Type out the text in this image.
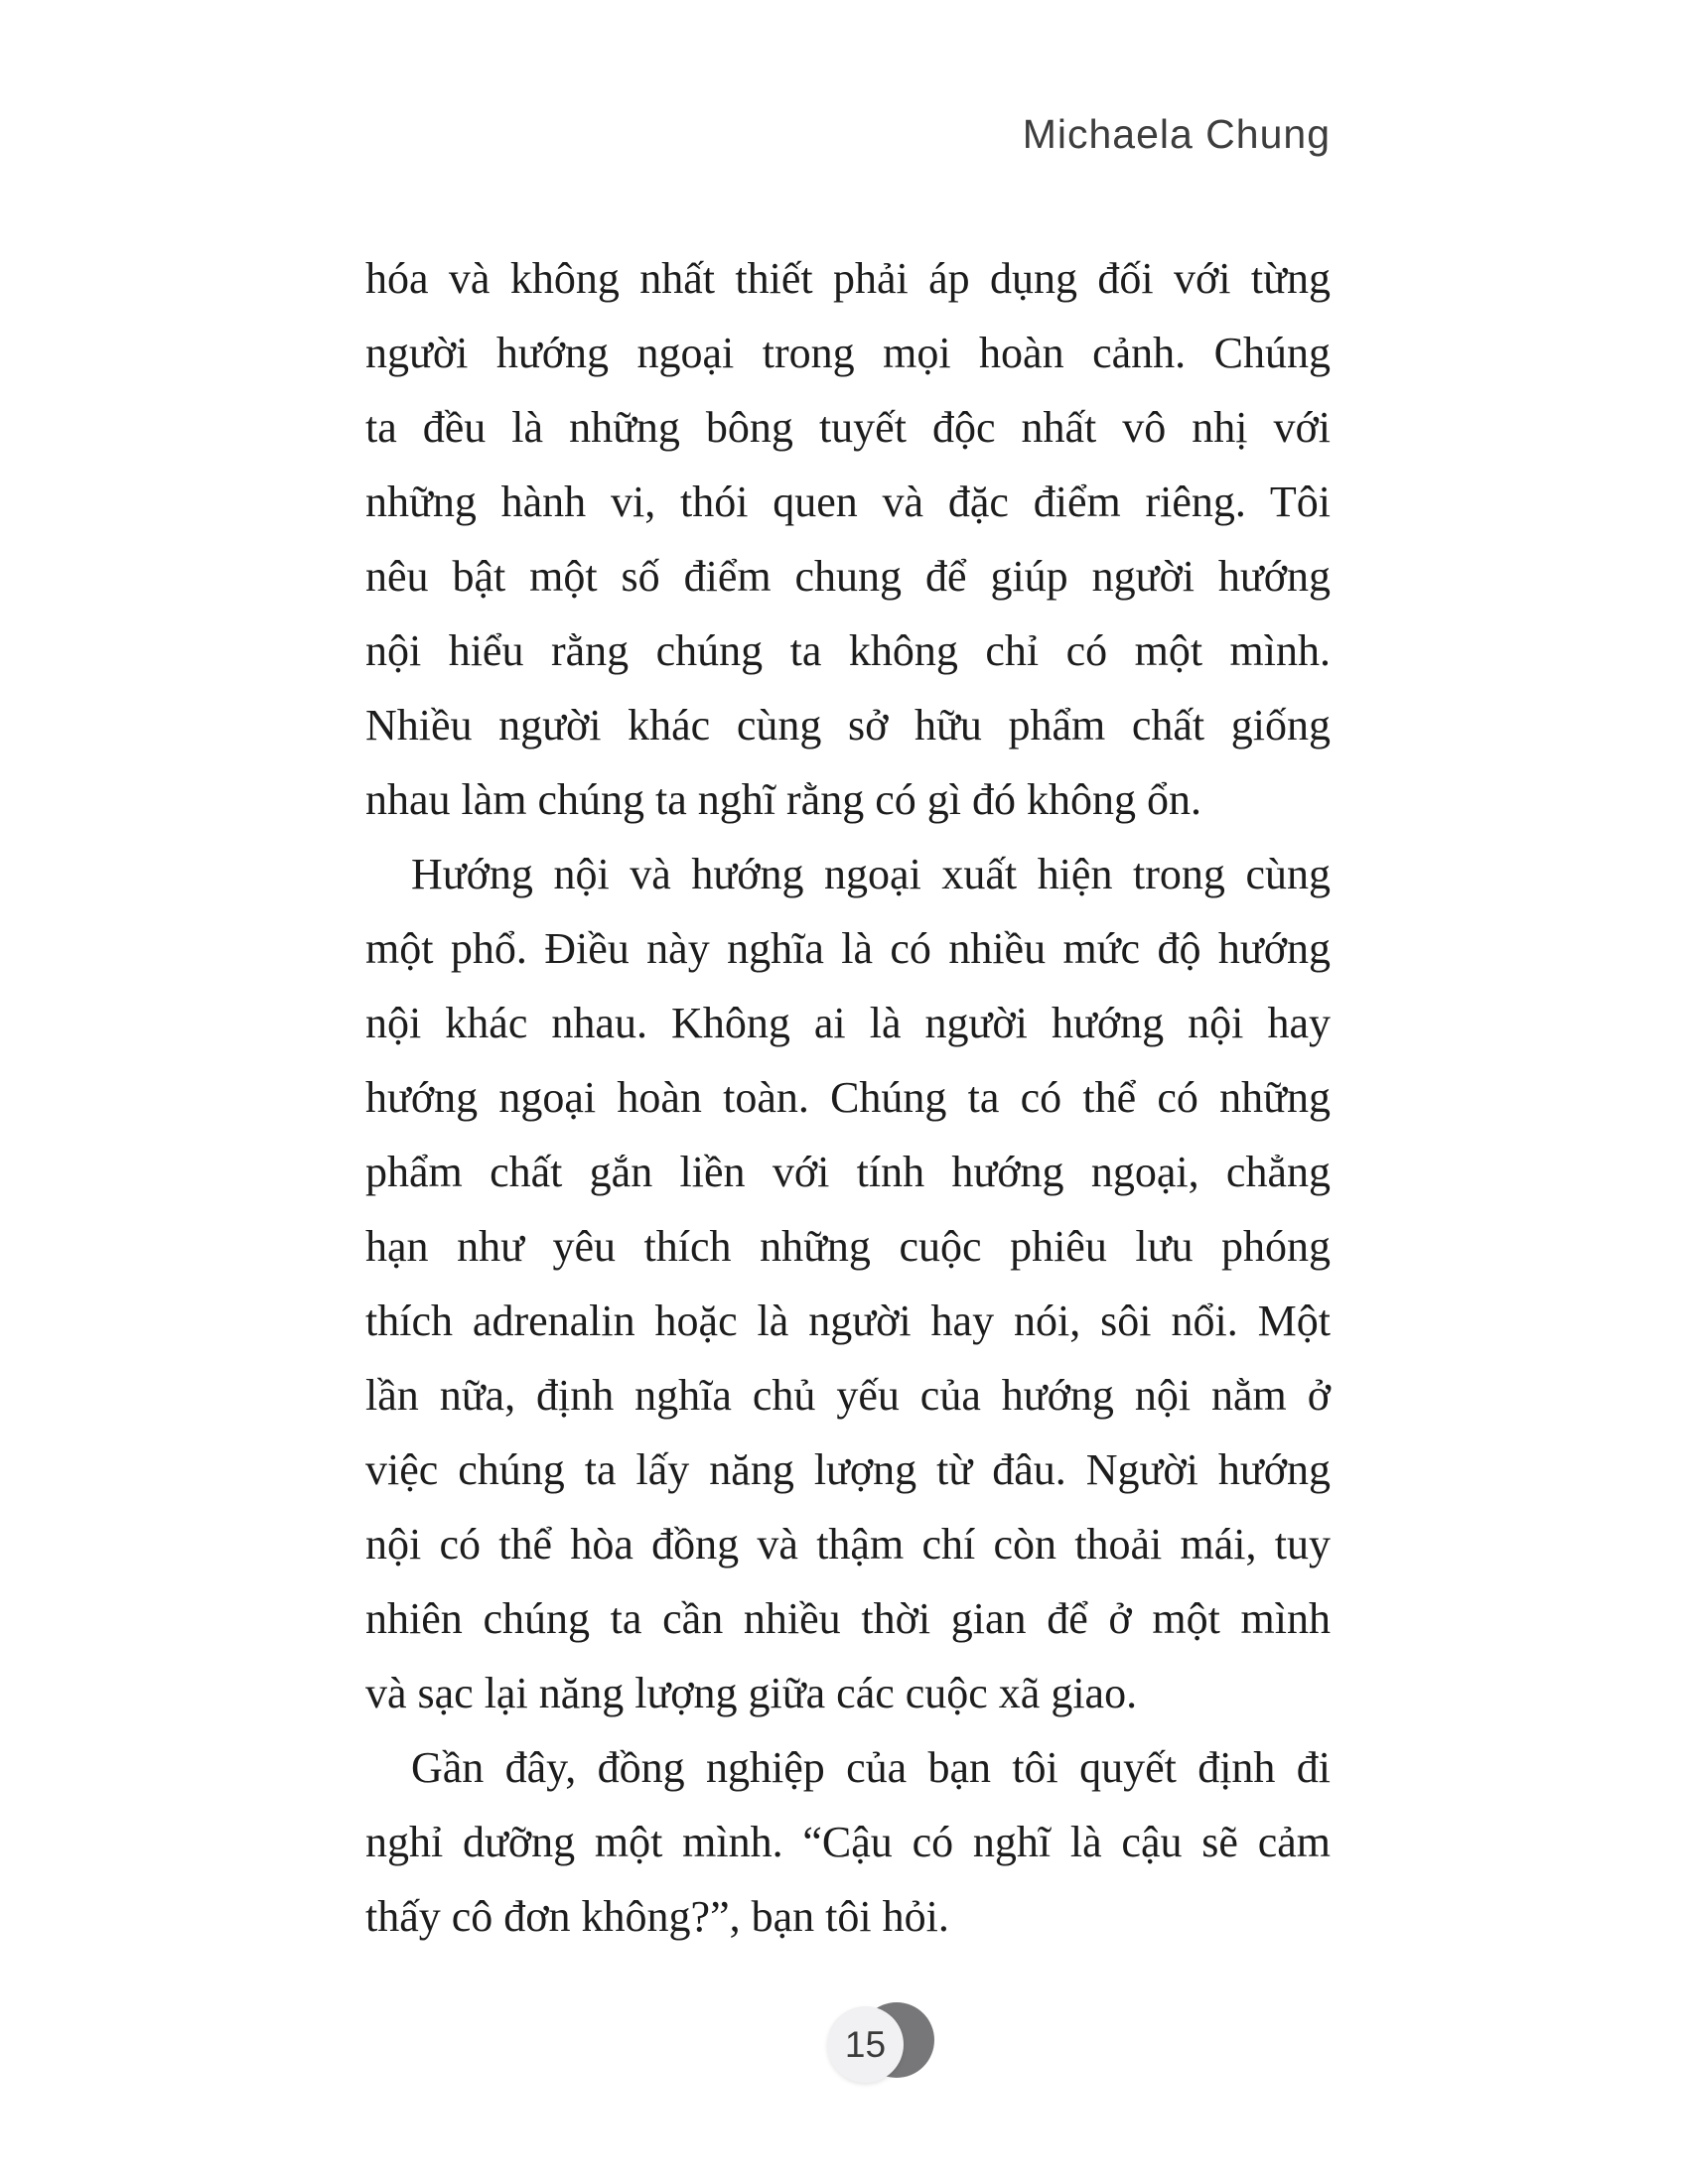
Michaela Chung

hóa và không nhất thiết phải áp dụng đối với từng
người hướng ngoại trong mọi hoàn cảnh. Chúng
ta đều là những bông tuyết độc nhất vô nhị với
những hành vi, thói quen và đặc điểm riêng. Tôi
nêu bật một số điểm chung để giúp người hướng
nội hiểu rằng chúng ta không chỉ có một mình.
Nhiều người khác cùng sở hữu phẩm chất giống
nhau làm chúng ta nghĩ rằng có gì đó không ổn.

Hướng nội và hướng ngoại xuất hiện trong cùng
một phổ. Điều này nghĩa là có nhiều mức độ hướng
nội khác nhau. Không ai là người hướng nội hay
hướng ngoại hoàn toàn. Chúng ta có thể có những
phẩm chất gắn liền với tính hướng ngoại, chẳng
hạn như yêu thích những cuộc phiêu lưu phóng
thích adrenalin hoặc là người hay nói, sôi nổi. Một
lần nữa, định nghĩa chủ yếu của hướng nội nằm ở
việc chúng ta lấy năng lượng từ đâu. Người hướng
nội có thể hòa đồng và thậm chí còn thoải mái, tuy
nhiên chúng ta cần nhiều thời gian để ở một mình
và sạc lại năng lượng giữa các cuộc xã giao.

Gần đây, đồng nghiệp của bạn tôi quyết định đi
nghỉ dưỡng một mình. “Cậu có nghĩ là cậu sẽ cảm
thấy cô đơn không?”, bạn tôi hỏi.

15
